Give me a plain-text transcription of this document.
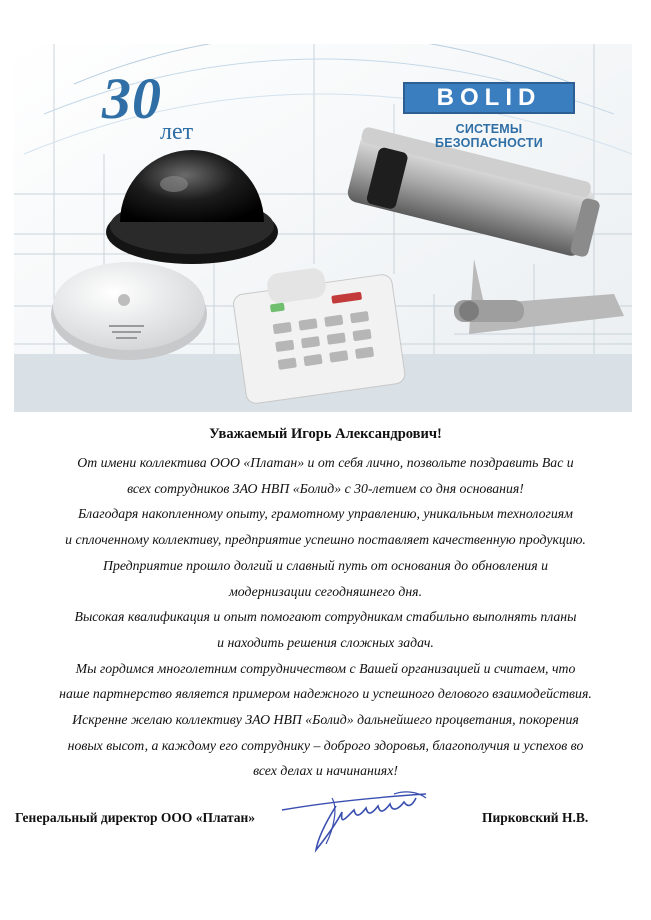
30
лет
BOLID
СИСТЕМЫ БЕЗОПАСНОСТИ
Уважаемый Игорь Александрович!
От имени коллектива ООО «Платан» и от себя лично, позвольте поздравить Вас и
всех сотрудников ЗАО НВП «Болид» с 30-летием со дня основания!
Благодаря накопленному опыту, грамотному управлению, уникальным технологиям
и сплоченному коллективу, предприятие успешно поставляет качественную продукцию.
Предприятие прошло долгий и славный путь от основания до обновления и
модернизации сегодняшнего дня.
Высокая квалификация и опыт помогают сотрудникам стабильно выполнять планы
и находить решения сложных задач.
Мы гордимся многолетним сотрудничеством с Вашей организацией и считаем, что
наше партнерство является примером надежного и успешного делового взаимодействия.
Искренне желаю коллективу ЗАО НВП «Болид» дальнейшего процветания, покорения
новых высот, а каждому его сотруднику – доброго здоровья, благополучия и успехов во
всех делах и начинаниях!
Генеральный директор ООО «Платан»	Пирковский Н.В.
